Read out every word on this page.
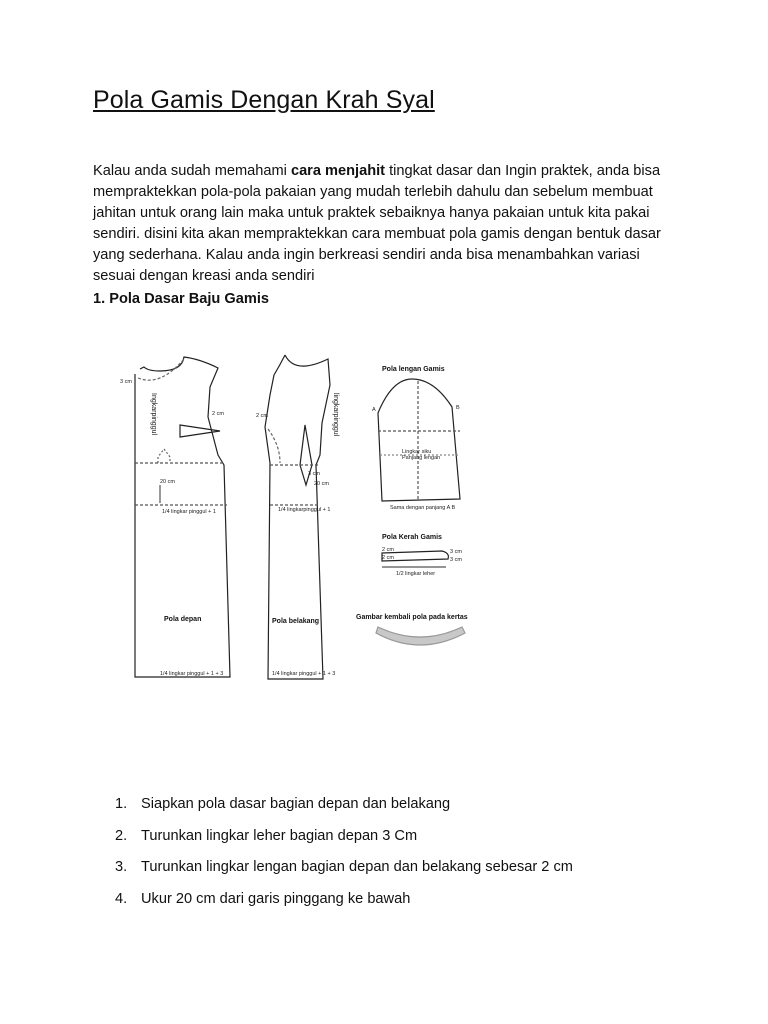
Pola Gamis Dengan Krah Syal

Kalau anda sudah memahami cara menjahit tingkat dasar dan Ingin praktek, anda bisa mempraktekkan pola-pola pakaian yang mudah terlebih dahulu dan sebelum membuat jahitan untuk orang lain maka untuk praktek sebaiknya hanya pakaian untuk kita pakai sendiri. disini kita akan mempraktekkan cara membuat pola gamis dengan bentuk dasar yang sederhana. Kalau anda ingin berkreasi sendiri anda bisa menambahkan variasi sesuai dengan kreasi anda sendiri

1. Pola Dasar Baju Gamis

3 cm
2 cm
20 cm
1/4 lingkar pinggul + 1
1/4 lingkar pinggul + 1 + 3
2 cm
3 cm
20 cm
1/4 lingkarpinggul + 1
1/4 lingkar pinggul + 1 + 3
Lingkar siku
Panjang lengan
Sama dengan panjang A B
A	B
2 cm	3 cm
2 cm	3 cm
1/2 lingkar leher
Ingkarpinggul	lingkarpinggul
Pola depan	Pola belakang
Pola lengan Gamis
Pola Kerah Gamis
Gambar kembali pola pada kertas
1. Siapkan pola dasar bagian depan dan belakang
2. Turunkan lingkar leher bagian depan 3 Cm
3. Turunkan lingkar lengan bagian depan dan belakang sebesar 2 cm
4. Ukur 20 cm dari garis pinggang ke bawah
